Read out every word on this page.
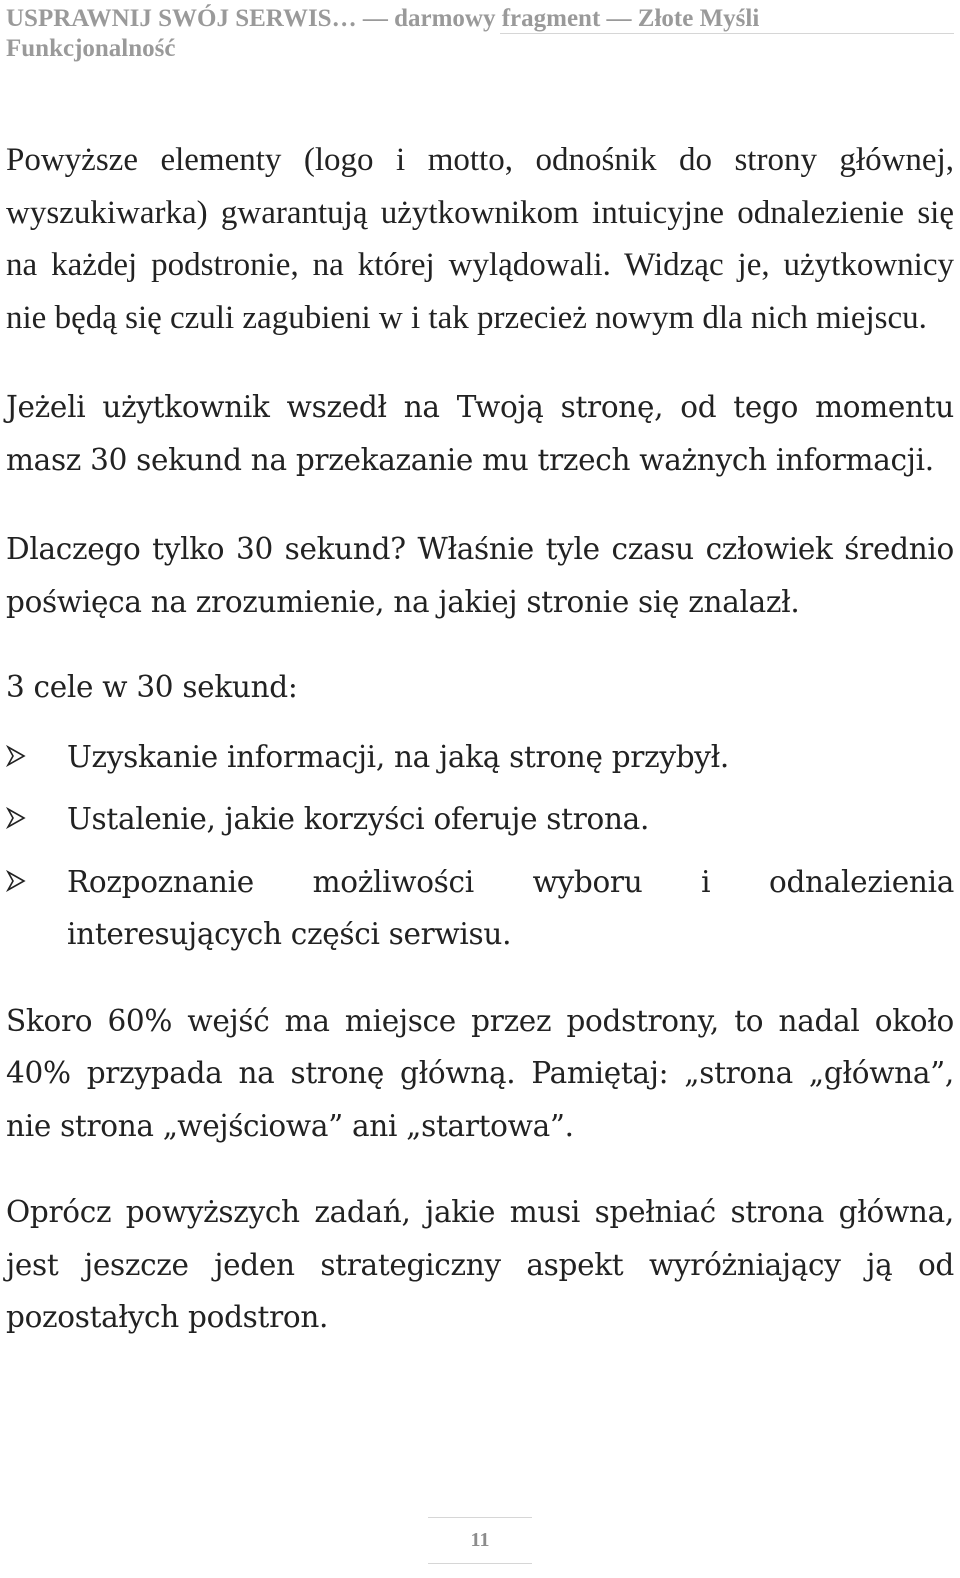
USPRAWNIJ SWÓJ SERWIS… — darmowy fragment — Złote Myśli
Funkcjonalność

Powyższe elementy (logo i motto, odnośnik do strony głównej, wyszukiwarka) gwarantują użytkownikom intuicyjne odnalezienie się na każdej podstronie, na której wylądowali. Widząc je, użytkownicy nie będą się czuli zagubieni w i tak przecież nowym dla nich miejscu.

Jeżeli użytkownik wszedł na Twoją stronę, od tego momentu masz 30 sekund na przekazanie mu trzech ważnych informacji.

Dlaczego tylko 30 sekund? Właśnie tyle czasu człowiek średnio poświęca na zrozumienie, na jakiej stronie się znalazł.

3 cele w 30 sekund:

Uzyskanie informacji, na jaką stronę przybył.
Ustalenie, jakie korzyści oferuje strona.
Rozpoznanie możliwości wyboru i odnalezienia interesujących części serwisu.

Skoro 60% wejść ma miejsce przez podstrony, to nadal około 40% przypada na stronę główną. Pamiętaj: „strona „główna”, nie strona „wejściowa” ani „startowa”.

Oprócz powyższych zadań, jakie musi spełniać strona główna, jest jeszcze jeden strategiczny aspekt wyróżniający ją od pozostałych podstron.

11
